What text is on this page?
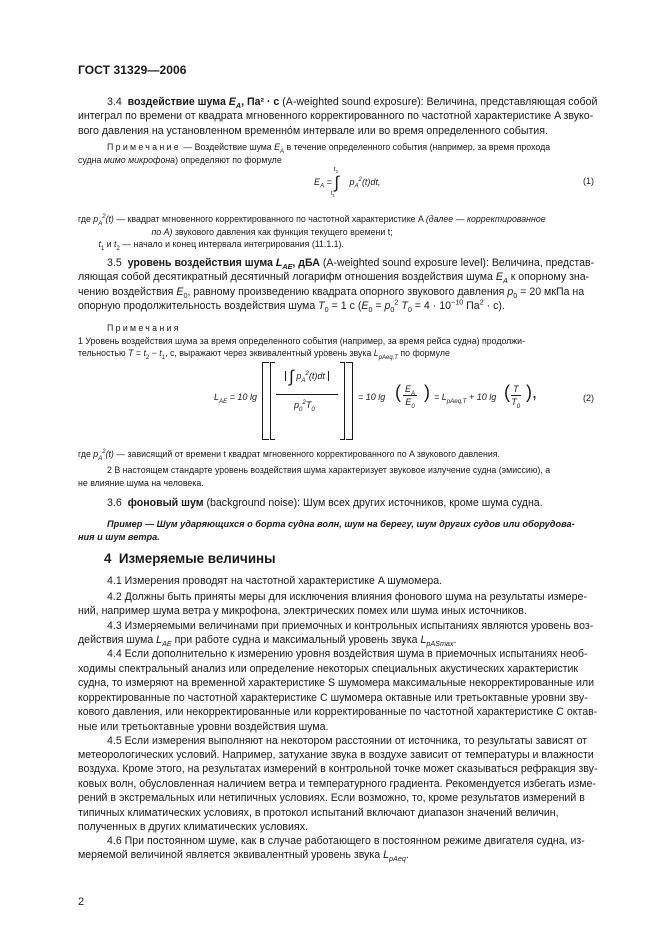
ГОСТ 31329—2006
3.4 воздействие шума $E_A$, Па² · с (A-weighted sound exposure): Величина, представляющая собой
интеграл по времени от квадрата мгновенного корректированного по частотной характеристике A звуко-
вого давления на установленном временно́м интервале или во время определенного события.
Примечание — Воздействие шума $E_A$ в течение определенного события (например, за время прохода
судна мимо микрофона) определяют по формуле
$E_A = \int t_2t_1$ $p_A^2(t)dt$,	(1)
где $p_A^2(t)$ — квадрат мгновенного корректированного по частотной характеристике A (далее — корректированное
по A) звукового давления как функция текущего времени t;
$t_1$ и $t_2$ — начало и конец интервала интегрирования (11.1.1).
3.5 уровень воздействия шума $L_{AE}$, дБА (A-weighted sound exposure level): Величина, представ-
ляющая собой десятикратный десятичный логарифм отношения воздействия шума $E_A$ к опорному зна-
чению воздействия $E_0$, равному произведению квадрата опорного звукового давления $p_0 = 20$ мкПа на
опорную продолжительность воздействия шума $T_0 = 1$ с ($E_0 = p_0^2$ $T_0 = 4 \cdot 10^{-10}$ $Па^2 \cdot с$).
Примечания
1 Уровень воздействия шума за время определенного события (например, за время рейса судна) продолжи-
тельностью $T = t_2 - t_1$, с, выражают через эквивалентный уровень звука $L_{pAeq,T}$ по формуле
$L_{AE} = 10$ lg
∫ $p_A^2(t)dt$
$p_0^2T_0$
= 10 lg ( $\frac{E_A}{E_0}$ ) = $L_{pAeq,T} + 10$ lg ( $\frac{T}{T_0}$ ),	(2)
где $p_A^2(t)$ — зависящий от времени t квадрат мгновенного корректированного по A звукового давления.
2 В настоящем стандарте уровень воздействия шума характеризует звуковое излучение судна (эмиссию), а

не влияние шума на человека.
3.6 фоновый шум (background noise): Шум всех других источников, кроме шума судна.
Пример — Шум ударяющихся о борта судна волн, шум на берегу, шум других судов или оборудова-
ния и шум ветра.
4 Измеряемые величины
4.1 Измерения проводят на частотной характеристике A шумомера.
4.2 Должны быть приняты меры для исключения влияния фонового шума на результаты измере-
ний, например шума ветра у микрофона, электрических помех или шума иных источников.
4.3 Измеряемыми величинами при приемочных и контрольных испытаниях являются уровень воз-
действия шума $L_{AE}$ при работе судна и максимальный уровень звука $L_{pASmax}$.
4.4 Если дополнительно к измерению уровня воздействия шума в приемочных испытаниях необ-
ходимы спектральный анализ или определение некоторых специальных акустических характеристик
судна, то измеряют на временной характеристике S шумомера максимальные некорректированные или
корректированные по частотной характеристике C шумомера октавные или третьоктавные уровни зву-
кового давления, или некорректированные или корректированные по частотной характеристике C октав-
ные или третьоктавные уровни воздействия шума.
4.5 Если измерения выполняют на некотором расстоянии от источника, то результаты зависят от
метеорологических условий. Например, затухание звука в воздухе зависит от температуры и влажности
воздуха. Кроме этого, на результатах измерений в контрольной точке может сказываться рефракция зву-
ковых волн, обусловленная наличием ветра и температурного градиента. Рекомендуется избегать изме-
рений в экстремальных или нетипичных условиях. Если возможно, то, кроме результатов измерений в
типичных климатических условиях, в протокол испытаний включают диапазон значений величин,
полученных в других климатических условиях.
4.6 При постоянном шуме, как в случае работающего в постоянном режиме двигателя судна, из-
меряемой величиной является эквивалентный уровень звука $L_{pAeq}$.
2
